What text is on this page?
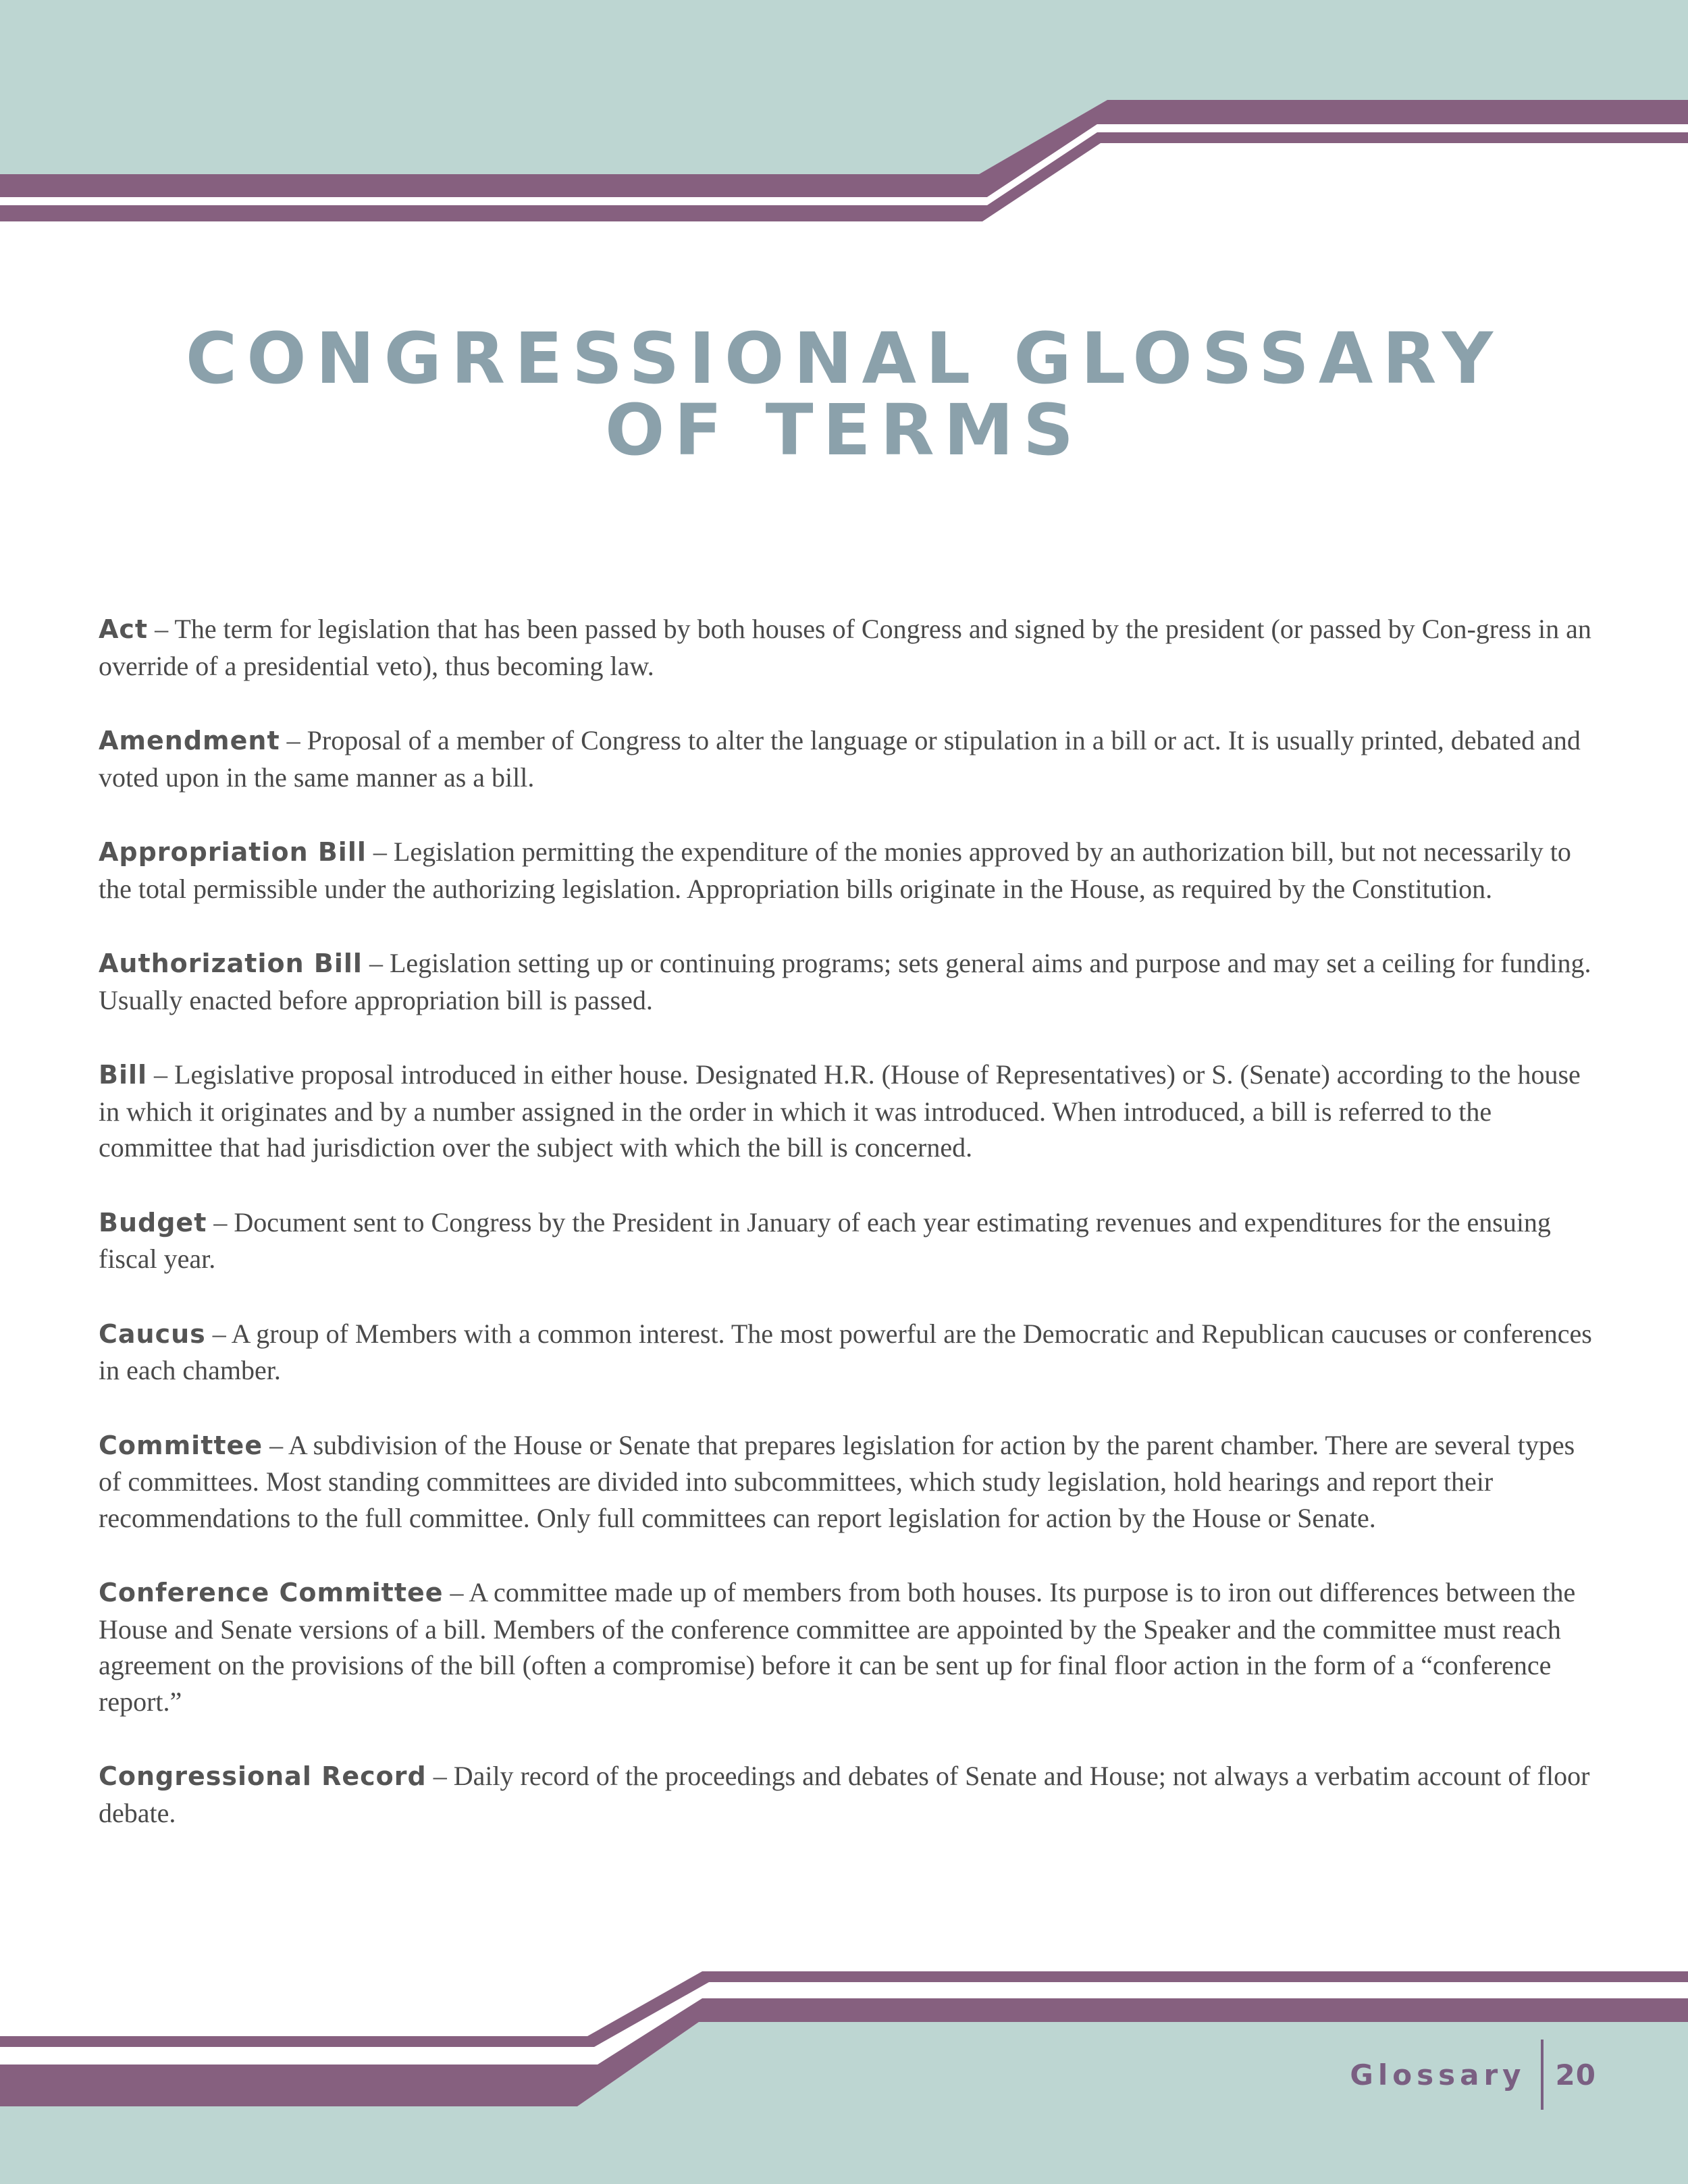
CONGRESSIONAL GLOSSARY
OF TERMS

Act – The term for legislation that has been passed by both houses of Congress and signed by the president (or passed by Con-gress in an override of a presidential veto), thus becoming law.

Amendment – Proposal of a member of Congress to alter the language or stipulation in a bill or act. It is usually printed, debated and voted upon in the same manner as a bill.

Appropriation Bill – Legislation permitting the expenditure of the monies approved by an authorization bill, but not necessarily to the total permissible under the authorizing legislation. Appropriation bills originate in the House, as required by the Constitution.

Authorization Bill – Legislation setting up or continuing programs; sets general aims and purpose and may set a ceiling for funding. Usually enacted before appropriation bill is passed.

Bill – Legislative proposal introduced in either house. Designated H.R. (House of Representatives) or S. (Senate) according to the house in which it originates and by a number assigned in the order in which it was introduced. When introduced, a bill is referred to the committee that had jurisdiction over the subject with which the bill is concerned.

Budget – Document sent to Congress by the President in January of each year estimating revenues and expenditures for the ensuing fiscal year.

Caucus – A group of Members with a common interest. The most powerful are the Democratic and Republican caucuses or conferences in each chamber.

Committee – A subdivision of the House or Senate that prepares legislation for action by the parent chamber. There are several types of committees. Most standing committees are divided into subcommittees, which study legislation, hold hearings and report their recommendations to the full committee. Only full committees can report legislation for action by the House or Senate.

Conference Committee – A committee made up of members from both houses. Its purpose is to iron out differences between the House and Senate versions of a bill. Members of the conference committee are appointed by the Speaker and the committee must reach agreement on the provisions of the bill (often a compromise) before it can be sent up for final floor action in the form of a “conference report.”

Congressional Record – Daily record of the proceedings and debates of Senate and House; not always a verbatim account of floor debate.

Glossary 20
